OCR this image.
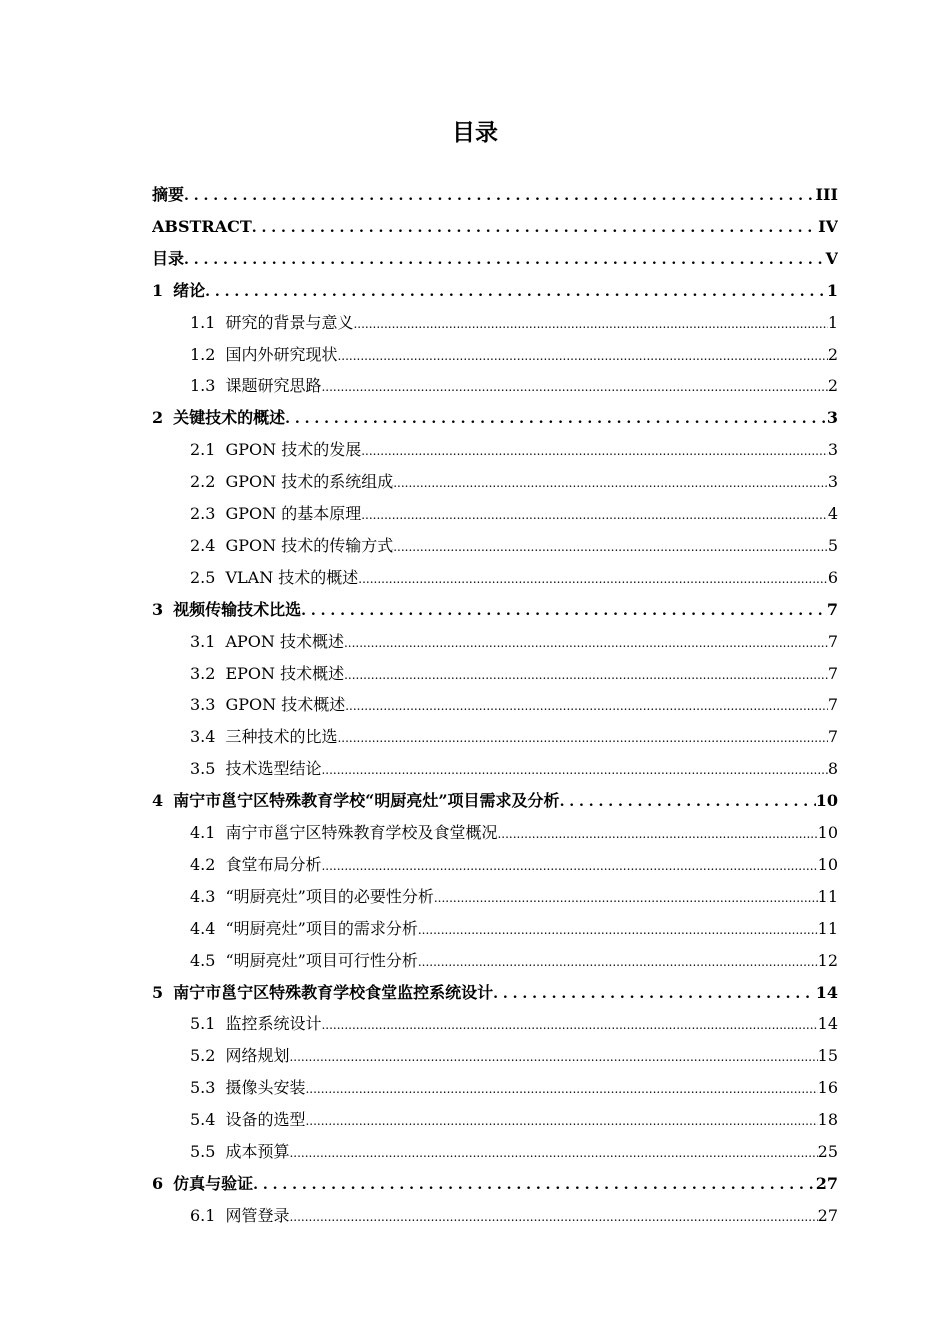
目录
摘要 . . .	III
ABSTRACT . . .	IV
目录 . . .	V
1 绪论 . . .	1
1.1 研究的背景与意义 .....	1
1.2 国内外研究现状 .....	2
1.3 课题研究思路 .....	2
2 关键技术的概述 . . .	3
2.1 GPON 技术的发展 .....	3
2.2 GPON 技术的系统组成 .....	3
2.3 GPON 的基本原理 .....	4
2.4 GPON 技术的传输方式 .....	5
2.5 VLAN 技术的概述 .....	6
3 视频传输技术比选 . . .	7
3.1 APON 技术概述 .....	7
3.2 EPON 技术概述 .....	7
3.3 GPON 技术概述 .....	7
3.4 三种技术的比选 .....	7
3.5 技术选型结论 .....	8
4 南宁市邕宁区特殊教育学校“明厨亮灶”项目需求及分析 . . .	10
4.1 南宁市邕宁区特殊教育学校及食堂概况 .....	10
4.2 食堂布局分析 .....	10
4.3 “明厨亮灶”项目的必要性分析 .....	11
4.4 “明厨亮灶”项目的需求分析 .....	11
4.5 “明厨亮灶”项目可行性分析 .....	12
5 南宁市邕宁区特殊教育学校食堂监控系统设计 . . .	14
5.1 监控系统设计 .....	14
5.2 网络规划 .....	15
5.3 摄像头安装 .....	16
5.4 设备的选型 .....	18
5.5 成本预算 .....	25
6 仿真与验证 . . .	27
6.1 网管登录 .....	27
